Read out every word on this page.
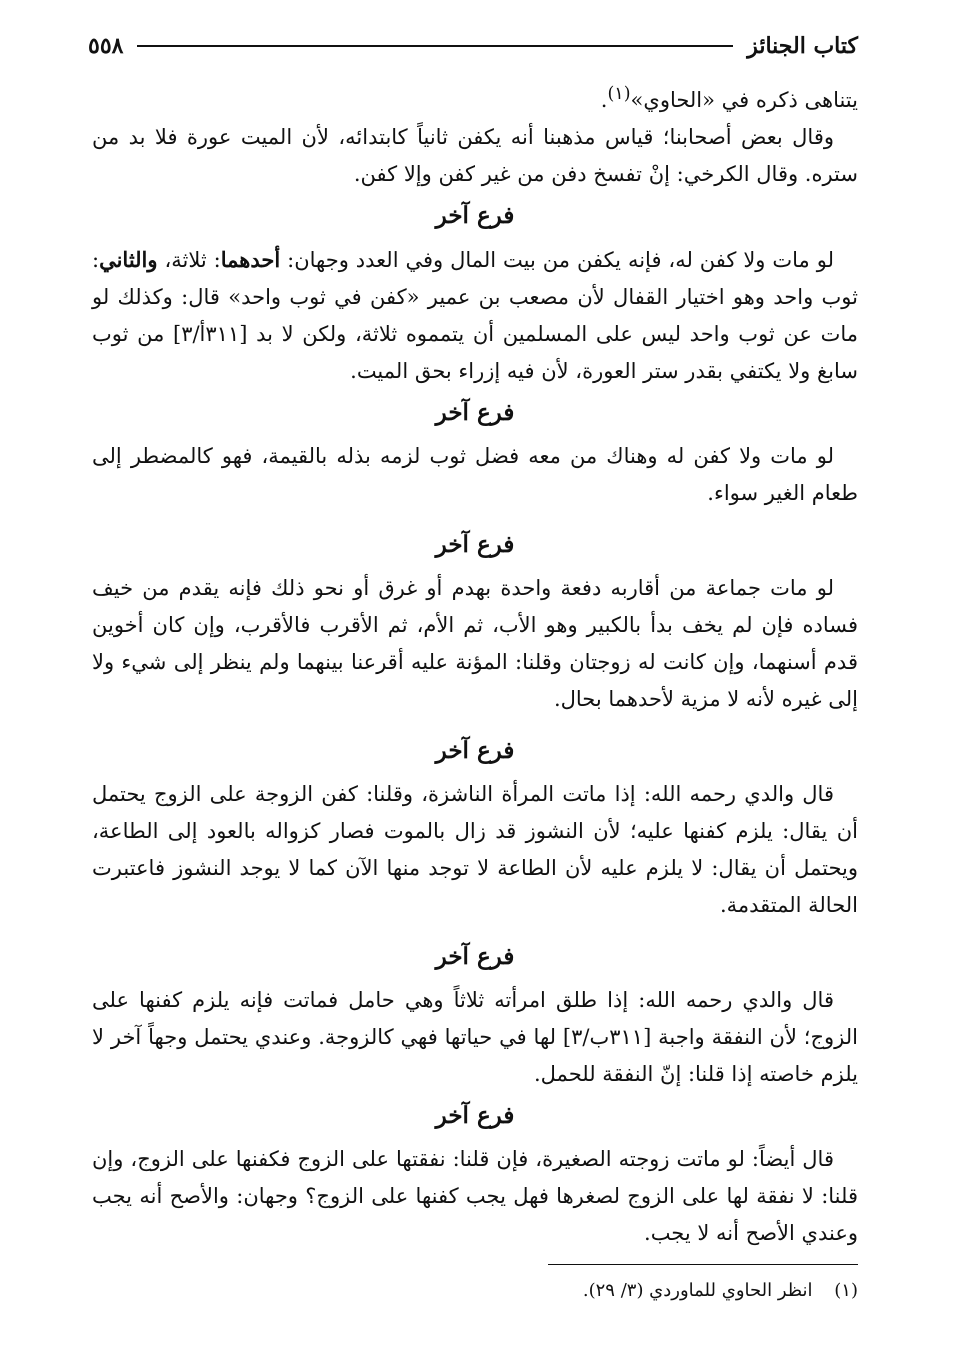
كتاب الجنائز
٥٥٨

يتناهى ذكره في «الحاوي»$^{(١)}$.

وقال بعض أصحابنا؛ قياس مذهبنا أنه يكفن ثانياً كابتدائه، لأن الميت عورة فلا بد من ستره. وقال الكرخي: إنْ تفسخ دفن من غير كفن وإلا كفن.

فرع آخر

لو مات ولا كفن له، فإنه يكفن من بيت المال وفي العدد وجهان: أحدهما: ثلاثة، والثاني: ثوب واحد وهو اختيار القفال لأن مصعب بن عمير «كفن في ثوب واحد» قال: وكذلك لو مات عن ثوب واحد ليس على المسلمين أن يتمموه ثلاثة، ولكن لا بد [٣١١أ/٣] من ثوب سابغ ولا يكتفي بقدر ستر العورة، لأن فيه إزراء بحق الميت.

فرع آخر

لو مات ولا كفن له وهناك من معه فضل ثوب لزمه بذله بالقيمة، فهو كالمضطر إلى طعام الغير سواء.

فرع آخر

لو مات جماعة من أقاربه دفعة واحدة بهدم أو غرق أو نحو ذلك فإنه يقدم من خيف فساده فإن لم يخف بدأ بالكبير وهو الأب، ثم الأم، ثم الأقرب فالأقرب، وإن كان أخوين قدم أسنهما، وإن كانت له زوجتان وقلنا: المؤنة عليه أقرعنا بينهما ولم ينظر إلى شيء ولا إلى غيره لأنه لا مزية لأحدهما بحال.

فرع آخر

قال والدي رحمه الله: إذا ماتت المرأة الناشزة، وقلنا: كفن الزوجة على الزوج يحتمل أن يقال: يلزم كفنها عليه؛ لأن النشوز قد زال بالموت فصار كزواله بالعود إلى الطاعة، ويحتمل أن يقال: لا يلزم عليه لأن الطاعة لا توجد منها الآن كما لا يوجد النشوز فاعتبرت الحالة المتقدمة.

فرع آخر

قال والدي رحمه الله: إذا طلق امرأته ثلاثاً وهي حامل فماتت فإنه يلزم كفنها على الزوج؛ لأن النفقة واجبة [٣١١ب/٣] لها في حياتها فهي كالزوجة. وعندي يحتمل وجهاً آخر لا يلزم خاصته إذا قلنا: إنّ النفقة للحمل.

فرع آخر

قال أيضاً: لو ماتت زوجته الصغيرة، فإن قلنا: نفقتها على الزوج فكفنها على الزوج، وإن قلنا: لا نفقة لها على الزوج لصغرها فهل يجب كفنها على الزوج؟ وجهان: والأصح أنه يجب وعندي الأصح أنه لا يجب.

(١) انظر الحاوي للماوردي (٣/ ٢٩).
